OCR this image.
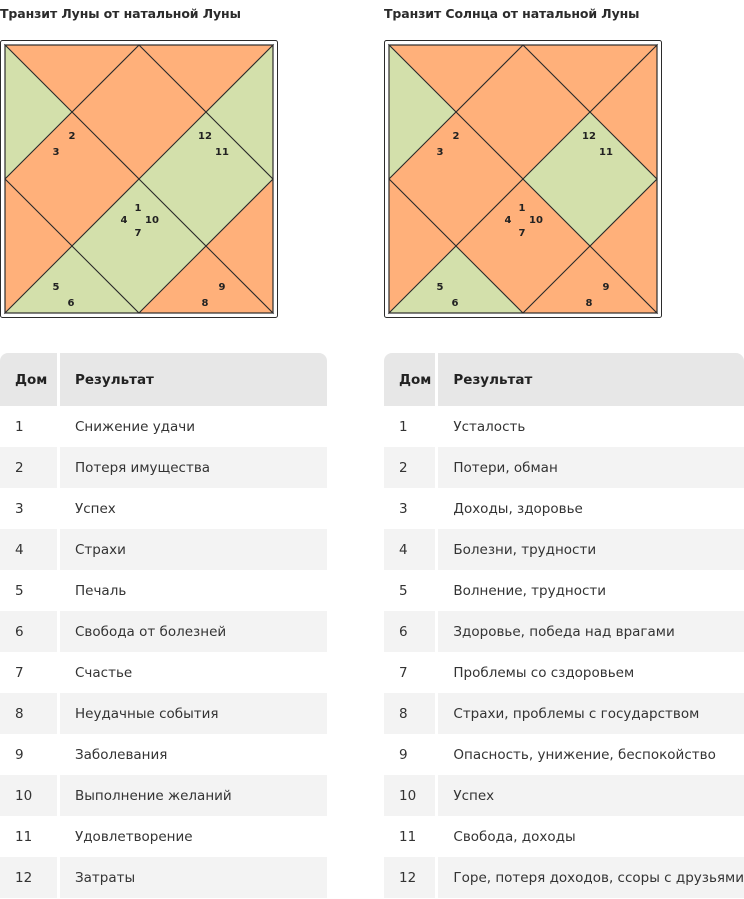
Транзит Луны от натальной Луны
1
2
3
4
5
6
7
8
9
10
11
12
Дом	Результат
1	Снижение удачи
2	Потеря имущества
3	Успех
4	Страхи
5	Печаль
6	Свобода от болезней
7	Счастье
8	Неудачные события
9	Заболевания
10	Выполнение желаний
11	Удовлетворение
12	Затраты
Транзит Солнца от натальной Луны
1
2
3
4
5
6
7
8
9
10
11
12
Дом	Результат
1	Усталость
2	Потери, обман
3	Доходы, здоровье
4	Болезни, трудности
5	Волнение, трудности
6	Здоровье, победа над врагами
7	Проблемы со сздоровьем
8	Страхи, проблемы с государством
9	Опасность, унижение, беспокойство
10	Успех
11	Свобода, доходы
12	Горе, потеря доходов, ссоры с друзьями
